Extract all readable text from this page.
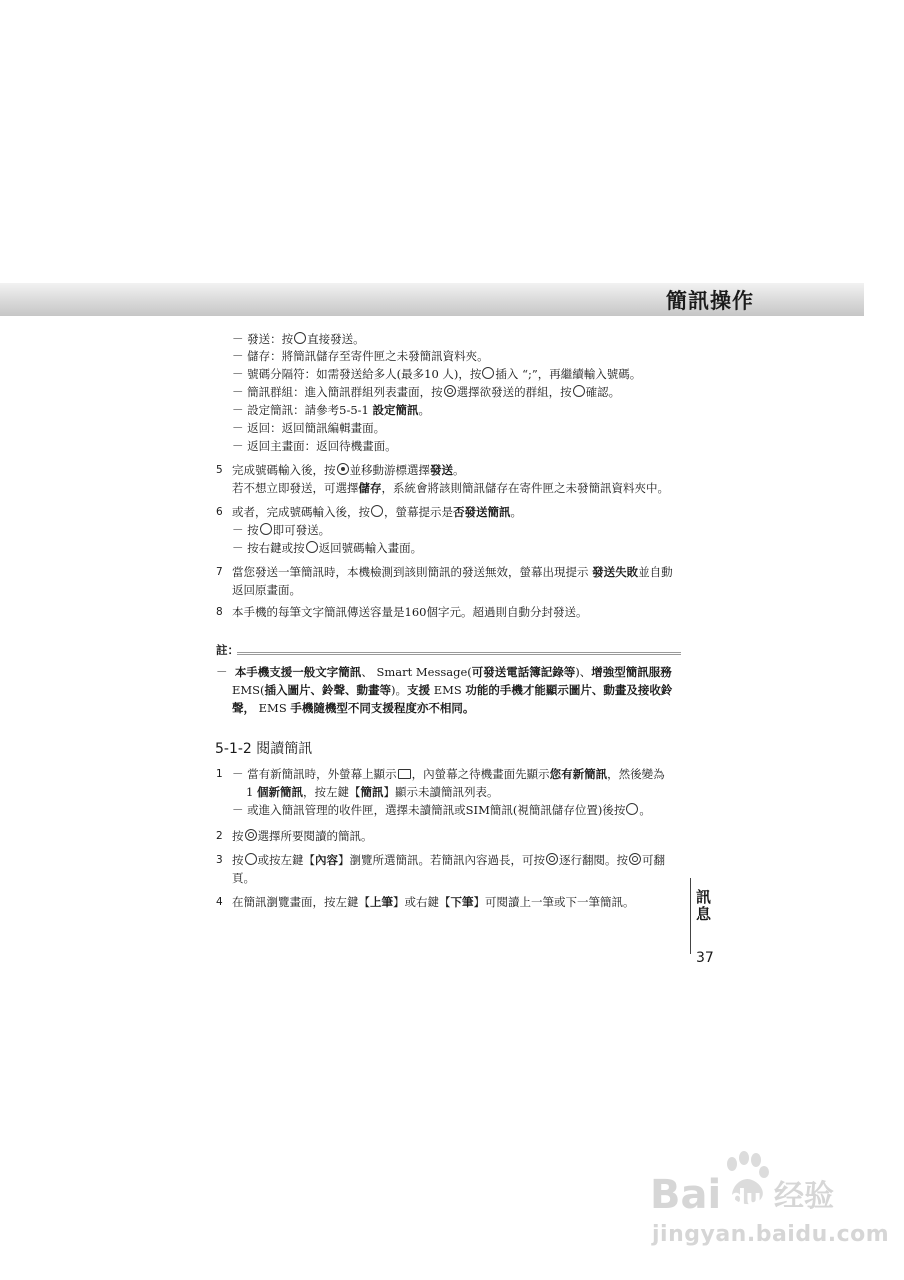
簡訊操作
－ 發送：按 直接發送。
－ 儲存：將簡訊儲存至寄件匣之未發簡訊資料夾。
－ 號碼分隔符：如需發送給多人(最多10 人)，按 插入 “;”，再繼續輸入號碼。
－ 簡訊群組：進入簡訊群組列表畫面，按 選擇欲發送的群組，按 確認。
－ 設定簡訊：請參考5-5-1 設定簡訊。
－ 返回：返回簡訊編輯畫面。
－ 返回主畫面：返回待機畫面。
5 完成號碼輸入後，按 並移動游標選擇發送。
若不想立即發送，可選擇儲存，系統會將該則簡訊儲存在寄件匣之未發簡訊資料夾中。
6 或者，完成號碼輸入後，按 ，螢幕提示是否發送簡訊。
－ 按 即可發送。
－ 按右鍵或按 返回號碼輸入畫面。
7 當您發送一筆簡訊時，本機檢測到該則簡訊的發送無效，螢幕出現提示 發送失敗並自動
返回原畫面。
8 本手機的每筆文字簡訊傳送容量是160個字元。超過則自動分封發送。
註：
－ 本手機支援一般文字簡訊、 Smart Message(可發送電話簿記錄等)、增強型簡訊服務
EMS(插入圖片、鈴聲、動畫等)。支援 EMS 功能的手機才能顯示圖片、動畫及接收鈴
聲， EMS 手機隨機型不同支援程度亦不相同。
5-1-2 閱讀簡訊
1 － 當有新簡訊時，外螢幕上顯示 ，內螢幕之待機畫面先顯示您有新簡訊，然後變為
1 個新簡訊，按左鍵【簡訊】顯示未讀簡訊列表。
－ 或進入簡訊管理的收件匣，選擇未讀簡訊或SIM簡訊(視簡訊儲存位置)後按 。
2 按 選擇所要閱讀的簡訊。
3 按 或按左鍵【內容】瀏覽所選簡訊。若簡訊內容過長，可按 逐行翻閱。按 可翻
頁。
4 在簡訊瀏覽畫面，按左鍵【上筆】或右鍵【下筆】可閱讀上一筆或下一筆簡訊。	訊
息
37
Bai du 经验
jingyan.baidu.com
